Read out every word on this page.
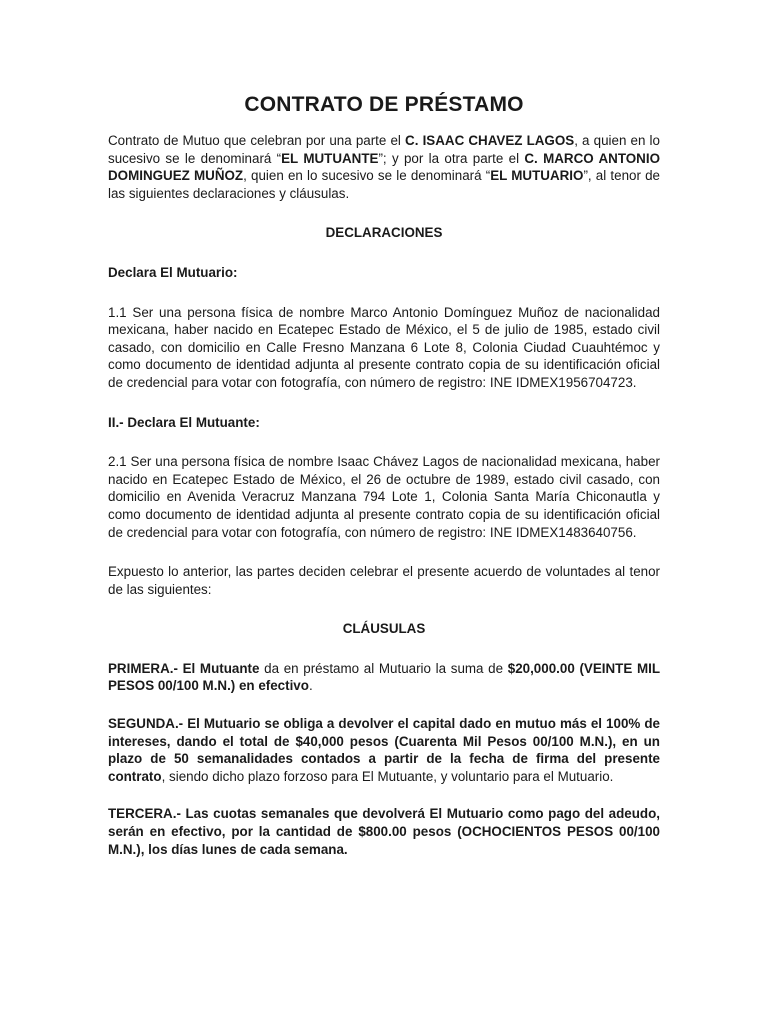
CONTRATO DE PRÉSTAMO

Contrato de Mutuo que celebran por una parte el C. ISAAC CHAVEZ LAGOS, a quien en lo sucesivo se le denominará “EL MUTUANTE”; y por la otra parte el C. MARCO ANTONIO DOMINGUEZ MUÑOZ, quien en lo sucesivo se le denominará “EL MUTUARIO”, al tenor de las siguientes declaraciones y cláusulas.

DECLARACIONES

Declara El Mutuario:

1.1 Ser una persona física de nombre Marco Antonio Domínguez Muñoz de nacionalidad mexicana, haber nacido en Ecatepec Estado de México, el 5 de julio de 1985, estado civil casado, con domicilio en Calle Fresno Manzana 6 Lote 8, Colonia Ciudad Cuauhtémoc y como documento de identidad adjunta al presente contrato copia de su identificación oficial de credencial para votar con fotografía, con número de registro: INE IDMEX1956704723.

II.- Declara El Mutuante:

2.1 Ser una persona física de nombre Isaac Chávez Lagos de nacionalidad mexicana, haber nacido en Ecatepec Estado de México, el 26 de octubre de 1989, estado civil casado, con domicilio en Avenida Veracruz Manzana 794 Lote 1, Colonia Santa María Chiconautla y como documento de identidad adjunta al presente contrato copia de su identificación oficial de credencial para votar con fotografía, con número de registro: INE IDMEX1483640756.

Expuesto lo anterior, las partes deciden celebrar el presente acuerdo de voluntades al tenor de las siguientes:

CLÁUSULAS

PRIMERA.- El Mutuante da en préstamo al Mutuario la suma de $20,000.00 (VEINTE MIL PESOS 00/100 M.N.) en efectivo.

SEGUNDA.- El Mutuario se obliga a devolver el capital dado en mutuo más el 100% de intereses, dando el total de $40,000 pesos (Cuarenta Mil Pesos 00/100 M.N.), en un plazo de 50 semanalidades contados a partir de la fecha de firma del presente contrato, siendo dicho plazo forzoso para El Mutuante, y voluntario para el Mutuario.

TERCERA.- Las cuotas semanales que devolverá El Mutuario como pago del adeudo, serán en efectivo, por la cantidad de $800.00 pesos (OCHOCIENTOS PESOS 00/100 M.N.), los días lunes de cada semana.
